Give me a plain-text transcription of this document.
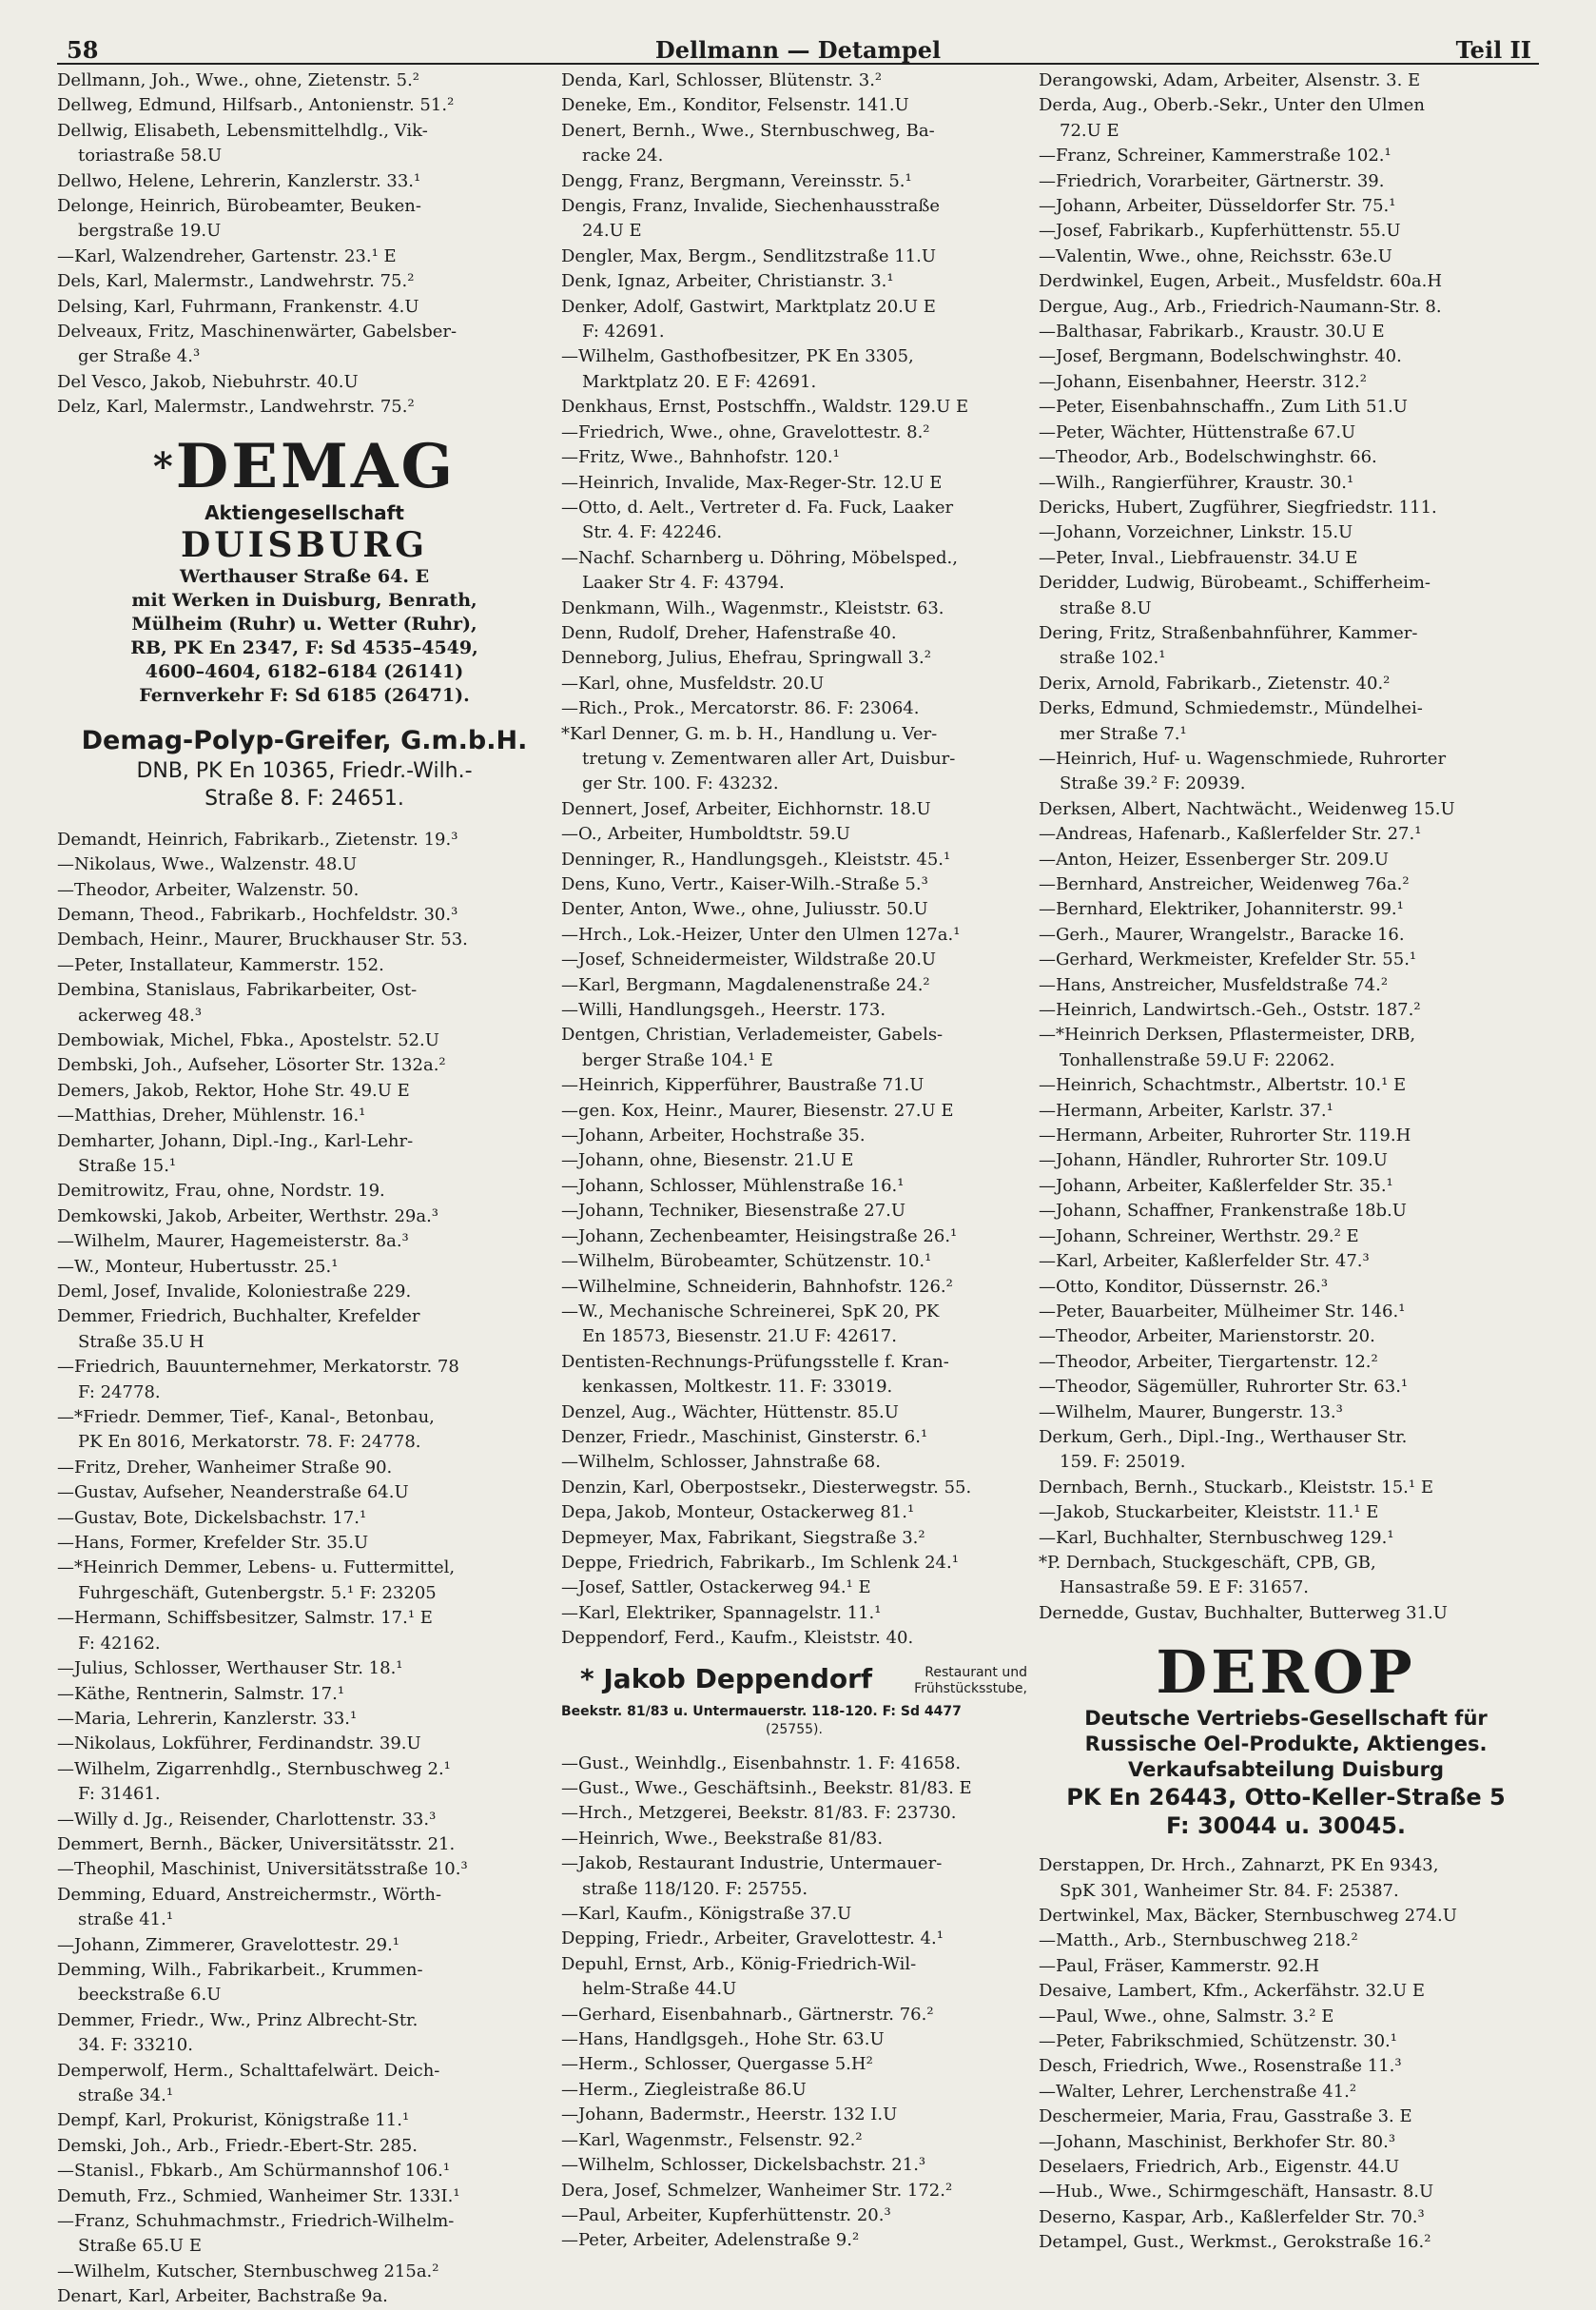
58	Dellmann — Detampel	Teil II
Dellmann, Joh., Wwe., ohne, Zietenstr. 5.²
Dellweg, Edmund, Hilfsarb., Antonienstr. 51.²
Dellwig, Elisabeth, Lebensmittelhdlg., Vik-
toriastraße 58.U
Dellwo, Helene, Lehrerin, Kanzlerstr. 33.¹
Delonge, Heinrich, Bürobeamter, Beuken-
bergstraße 19.U
—Karl, Walzendreher, Gartenstr. 23.¹ E
Dels, Karl, Malermstr., Landwehrstr. 75.²
Delsing, Karl, Fuhrmann, Frankenstr. 4.U
Delveaux, Fritz, Maschinenwärter, Gabelsber-
ger Straße 4.³
Del Vesco, Jakob, Niebuhrstr. 40.U
Delz, Karl, Malermstr., Landwehrstr. 75.²
*DEMAG
Aktiengesellschaft
DUISBURG
Werthauser Straße 64. E
mit Werken in Duisburg, Benrath,
Mülheim (Ruhr) u. Wetter (Ruhr),
RB, PK En 2347, F: Sd 4535–4549,
4600–4604, 6182–6184 (26141)
Fernverkehr F: Sd 6185 (26471).
Demag-Polyp-Greifer, G.m.b.H.
DNB, PK En 10365, Friedr.-Wilh.-
Straße 8. F: 24651.
Demandt, Heinrich, Fabrikarb., Zietenstr. 19.³
—Nikolaus, Wwe., Walzenstr. 48.U
—Theodor, Arbeiter, Walzenstr. 50.
Demann, Theod., Fabrikarb., Hochfeldstr. 30.³
Dembach, Heinr., Maurer, Bruckhauser Str. 53.
—Peter, Installateur, Kammerstr. 152.
Dembina, Stanislaus, Fabrikarbeiter, Ost-
ackerweg 48.³
Dembowiak, Michel, Fbka., Apostelstr. 52.U
Dembski, Joh., Aufseher, Lösorter Str. 132a.²
Demers, Jakob, Rektor, Hohe Str. 49.U E
—Matthias, Dreher, Mühlenstr. 16.¹
Demharter, Johann, Dipl.-Ing., Karl-Lehr-
Straße 15.¹
Demitrowitz, Frau, ohne, Nordstr. 19.
Demkowski, Jakob, Arbeiter, Werthstr. 29a.³
—Wilhelm, Maurer, Hagemeisterstr. 8a.³
—W., Monteur, Hubertusstr. 25.¹
Deml, Josef, Invalide, Koloniestraße 229.
Demmer, Friedrich, Buchhalter, Krefelder
Straße 35.U H
—Friedrich, Bauunternehmer, Merkatorstr. 78
F: 24778.
—*Friedr. Demmer, Tief-, Kanal-, Betonbau,
PK En 8016, Merkatorstr. 78. F: 24778.
—Fritz, Dreher, Wanheimer Straße 90.
—Gustav, Aufseher, Neanderstraße 64.U
—Gustav, Bote, Dickelsbachstr. 17.¹
—Hans, Former, Krefelder Str. 35.U
—*Heinrich Demmer, Lebens- u. Futtermittel,
Fuhrgeschäft, Gutenbergstr. 5.¹ F: 23205
—Hermann, Schiffsbesitzer, Salmstr. 17.¹ E
F: 42162.
—Julius, Schlosser, Werthauser Str. 18.¹
—Käthe, Rentnerin, Salmstr. 17.¹
—Maria, Lehrerin, Kanzlerstr. 33.¹
—Nikolaus, Lokführer, Ferdinandstr. 39.U
—Wilhelm, Zigarrenhdlg., Sternbuschweg 2.¹
F: 31461.
—Willy d. Jg., Reisender, Charlottenstr. 33.³
Demmert, Bernh., Bäcker, Universitätsstr. 21.
—Theophil, Maschinist, Universitätsstraße 10.³
Demming, Eduard, Anstreichermstr., Wörth-
straße 41.¹
—Johann, Zimmerer, Gravelottestr. 29.¹
Demming, Wilh., Fabrikarbeit., Krummen-
beeckstraße 6.U
Demmer, Friedr., Ww., Prinz Albrecht-Str.
34. F: 33210.
Demperwolf, Herm., Schalttafelwärt. Deich-
straße 34.¹
Dempf, Karl, Prokurist, Königstraße 11.¹
Demski, Joh., Arb., Friedr.-Ebert-Str. 285.
—Stanisl., Fbkarb., Am Schürmannshof 106.¹
Demuth, Frz., Schmied, Wanheimer Str. 133I.¹
—Franz, Schuhmachmstr., Friedrich-Wilhelm-
Straße 65.U E
—Wilhelm, Kutscher, Sternbuschweg 215a.²
Denart, Karl, Arbeiter, Bachstraße 9a.
Denda, Karl, Schlosser, Blütenstr. 3.²
Deneke, Em., Konditor, Felsenstr. 141.U
Denert, Bernh., Wwe., Sternbuschweg, Ba-
racke 24.
Dengg, Franz, Bergmann, Vereinsstr. 5.¹
Dengis, Franz, Invalide, Siechenhausstraße
24.U E
Dengler, Max, Bergm., Sendlitzstraße 11.U
Denk, Ignaz, Arbeiter, Christianstr. 3.¹
Denker, Adolf, Gastwirt, Marktplatz 20.U E
F: 42691.
—Wilhelm, Gasthofbesitzer, PK En 3305,
Marktplatz 20. E F: 42691.
Denkhaus, Ernst, Postschffn., Waldstr. 129.U E
—Friedrich, Wwe., ohne, Gravelottestr. 8.²
—Fritz, Wwe., Bahnhofstr. 120.¹
—Heinrich, Invalide, Max-Reger-Str. 12.U E
—Otto, d. Aelt., Vertreter d. Fa. Fuck, Laaker
Str. 4. F: 42246.
—Nachf. Scharnberg u. Döhring, Möbelsped.,
Laaker Str 4. F: 43794.
Denkmann, Wilh., Wagenmstr., Kleiststr. 63.
Denn, Rudolf, Dreher, Hafenstraße 40.
Denneborg, Julius, Ehefrau, Springwall 3.²
—Karl, ohne, Musfeldstr. 20.U
—Rich., Prok., Mercatorstr. 86. F: 23064.
*Karl Denner, G. m. b. H., Handlung u. Ver-
tretung v. Zementwaren aller Art, Duisbur-
ger Str. 100. F: 43232.
Dennert, Josef, Arbeiter, Eichhornstr. 18.U
—O., Arbeiter, Humboldtstr. 59.U
Denninger, R., Handlungsgeh., Kleiststr. 45.¹
Dens, Kuno, Vertr., Kaiser-Wilh.-Straße 5.³
Denter, Anton, Wwe., ohne, Juliusstr. 50.U
—Hrch., Lok.-Heizer, Unter den Ulmen 127a.¹
—Josef, Schneidermeister, Wildstraße 20.U
—Karl, Bergmann, Magdalenenstraße 24.²
—Willi, Handlungsgeh., Heerstr. 173.
Dentgen, Christian, Verlademeister, Gabels-
berger Straße 104.¹ E
—Heinrich, Kipperführer, Baustraße 71.U
—gen. Kox, Heinr., Maurer, Biesenstr. 27.U E
—Johann, Arbeiter, Hochstraße 35.
—Johann, ohne, Biesenstr. 21.U E
—Johann, Schlosser, Mühlenstraße 16.¹
—Johann, Techniker, Biesenstraße 27.U
—Johann, Zechenbeamter, Heisingstraße 26.¹
—Wilhelm, Bürobeamter, Schützenstr. 10.¹
—Wilhelmine, Schneiderin, Bahnhofstr. 126.²
—W., Mechanische Schreinerei, SpK 20, PK
En 18573, Biesenstr. 21.U F: 42617.
Dentisten-Rechnungs-Prüfungsstelle f. Kran-
kenkassen, Moltkestr. 11. F: 33019.
Denzel, Aug., Wächter, Hüttenstr. 85.U
Denzer, Friedr., Maschinist, Ginsterstr. 6.¹
—Wilhelm, Schlosser, Jahnstraße 68.
Denzin, Karl, Oberpostsekr., Diesterwegstr. 55.
Depa, Jakob, Monteur, Ostackerweg 81.¹
Depmeyer, Max, Fabrikant, Siegstraße 3.²
Deppe, Friedrich, Fabrikarb., Im Schlenk 24.¹
—Josef, Sattler, Ostackerweg 94.¹ E
—Karl, Elektriker, Spannagelstr. 11.¹
Deppendorf, Ferd., Kaufm., Kleiststr. 40.
* Jakob Deppendorf	Restaurant und
Frühstücksstube,
Beekstr. 81/83 u. Untermauerstr. 118-120. F: Sd 4477
(25755).
—Gust., Weinhdlg., Eisenbahnstr. 1. F: 41658.
—Gust., Wwe., Geschäftsinh., Beekstr. 81/83. E
—Hrch., Metzgerei, Beekstr. 81/83. F: 23730.
—Heinrich, Wwe., Beekstraße 81/83.
—Jakob, Restaurant Industrie, Untermauer-
straße 118/120. F: 25755.
—Karl, Kaufm., Königstraße 37.U
Depping, Friedr., Arbeiter, Gravelottestr. 4.¹
Depuhl, Ernst, Arb., König-Friedrich-Wil-
helm-Straße 44.U
—Gerhard, Eisenbahnarb., Gärtnerstr. 76.²
—Hans, Handlgsgeh., Hohe Str. 63.U
—Herm., Schlosser, Quergasse 5.H²
—Herm., Ziegleistraße 86.U
—Johann, Badermstr., Heerstr. 132 I.U
—Karl, Wagenmstr., Felsenstr. 92.²
—Wilhelm, Schlosser, Dickelsbachstr. 21.³
Dera, Josef, Schmelzer, Wanheimer Str. 172.²
—Paul, Arbeiter, Kupferhüttenstr. 20.³
—Peter, Arbeiter, Adelenstraße 9.²
Derangowski, Adam, Arbeiter, Alsenstr. 3. E
Derda, Aug., Oberb.-Sekr., Unter den Ulmen
72.U E
—Franz, Schreiner, Kammerstraße 102.¹
—Friedrich, Vorarbeiter, Gärtnerstr. 39.
—Johann, Arbeiter, Düsseldorfer Str. 75.¹
—Josef, Fabrikarb., Kupferhüttenstr. 55.U
—Valentin, Wwe., ohne, Reichsstr. 63e.U
Derdwinkel, Eugen, Arbeit., Musfeldstr. 60a.H
Dergue, Aug., Arb., Friedrich-Naumann-Str. 8.
—Balthasar, Fabrikarb., Kraustr. 30.U E
—Josef, Bergmann, Bodelschwinghstr. 40.
—Johann, Eisenbahner, Heerstr. 312.²
—Peter, Eisenbahnschaffn., Zum Lith 51.U
—Peter, Wächter, Hüttenstraße 67.U
—Theodor, Arb., Bodelschwinghstr. 66.
—Wilh., Rangierführer, Kraustr. 30.¹
Dericks, Hubert, Zugführer, Siegfriedstr. 111.
—Johann, Vorzeichner, Linkstr. 15.U
—Peter, Inval., Liebfrauenstr. 34.U E
Deridder, Ludwig, Bürobeamt., Schifferheim-
straße 8.U
Dering, Fritz, Straßenbahnführer, Kammer-
straße 102.¹
Derix, Arnold, Fabrikarb., Zietenstr. 40.²
Derks, Edmund, Schmiedemstr., Mündelhei-
mer Straße 7.¹
—Heinrich, Huf- u. Wagenschmiede, Ruhrorter
Straße 39.² F: 20939.
Derksen, Albert, Nachtwächt., Weidenweg 15.U
—Andreas, Hafenarb., Kaßlerfelder Str. 27.¹
—Anton, Heizer, Essenberger Str. 209.U
—Bernhard, Anstreicher, Weidenweg 76a.²
—Bernhard, Elektriker, Johanniterstr. 99.¹
—Gerh., Maurer, Wrangelstr., Baracke 16.
—Gerhard, Werkmeister, Krefelder Str. 55.¹
—Hans, Anstreicher, Musfeldstraße 74.²
—Heinrich, Landwirtsch.-Geh., Oststr. 187.²
—*Heinrich Derksen, Pflastermeister, DRB,
Tonhallenstraße 59.U F: 22062.
—Heinrich, Schachtmstr., Albertstr. 10.¹ E
—Hermann, Arbeiter, Karlstr. 37.¹
—Hermann, Arbeiter, Ruhrorter Str. 119.H
—Johann, Händler, Ruhrorter Str. 109.U
—Johann, Arbeiter, Kaßlerfelder Str. 35.¹
—Johann, Schaffner, Frankenstraße 18b.U
—Johann, Schreiner, Werthstr. 29.² E
—Karl, Arbeiter, Kaßlerfelder Str. 47.³
—Otto, Konditor, Düssernstr. 26.³
—Peter, Bauarbeiter, Mülheimer Str. 146.¹
—Theodor, Arbeiter, Marienstorstr. 20.
—Theodor, Arbeiter, Tiergartenstr. 12.²
—Theodor, Sägemüller, Ruhrorter Str. 63.¹
—Wilhelm, Maurer, Bungerstr. 13.³
Derkum, Gerh., Dipl.-Ing., Werthauser Str.
159. F: 25019.
Dernbach, Bernh., Stuckarb., Kleiststr. 15.¹ E
—Jakob, Stuckarbeiter, Kleiststr. 11.¹ E
—Karl, Buchhalter, Sternbuschweg 129.¹
*P. Dernbach, Stuckgeschäft, CPB, GB,
Hansastraße 59. E F: 31657.
Dernedde, Gustav, Buchhalter, Butterweg 31.U
DEROP
Deutsche Vertriebs-Gesellschaft für
Russische Oel-Produkte, Aktienges.
Verkaufsabteilung Duisburg
PK En 26443, Otto-Keller-Straße 5
F: 30044 u. 30045.
Derstappen, Dr. Hrch., Zahnarzt, PK En 9343,
SpK 301, Wanheimer Str. 84. F: 25387.
Dertwinkel, Max, Bäcker, Sternbuschweg 274.U
—Matth., Arb., Sternbuschweg 218.²
—Paul, Fräser, Kammerstr. 92.H
Desaive, Lambert, Kfm., Ackerfähstr. 32.U E
—Paul, Wwe., ohne, Salmstr. 3.² E
—Peter, Fabrikschmied, Schützenstr. 30.¹
Desch, Friedrich, Wwe., Rosenstraße 11.³
—Walter, Lehrer, Lerchenstraße 41.²
Deschermeier, Maria, Frau, Gasstraße 3. E
—Johann, Maschinist, Berkhofer Str. 80.³
Deselaers, Friedrich, Arb., Eigenstr. 44.U
—Hub., Wwe., Schirmgeschäft, Hansastr. 8.U
Deserno, Kaspar, Arb., Kaßlerfelder Str. 70.³
Detampel, Gust., Werkmst., Gerokstraße 16.²
